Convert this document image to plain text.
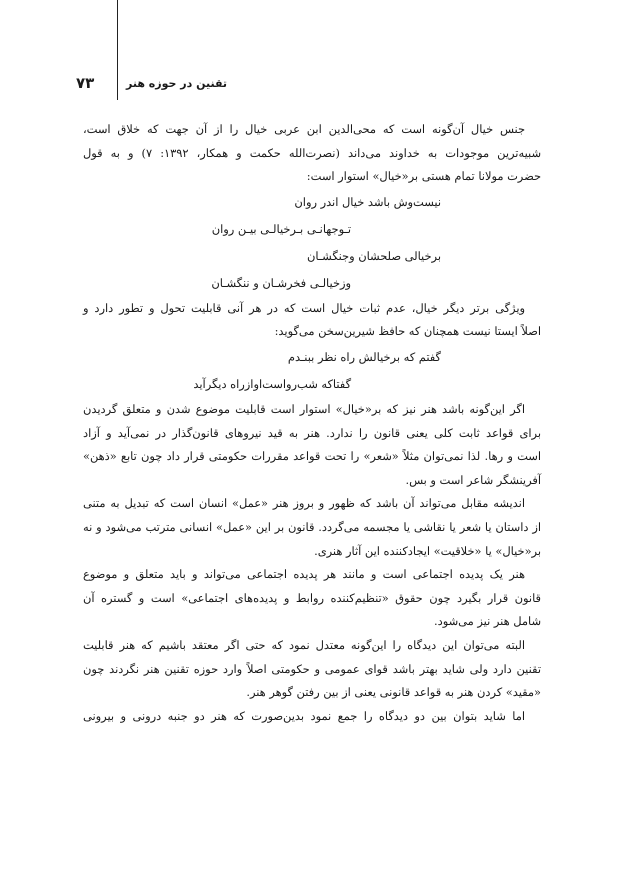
۷۳	تقنین در حوزه هنر
جنس خیال آن‌گونه است که محی‌الدین ابن عربی خیال را از آن جهت که خلاق است،
شبیه‌ترین موجودات به خداوند می‌داند (نصرت‌الله حکمت و همکار، ۱۳۹۲: ۷) و به قول
حضرت مولانا تمام هستی بر«خیال» استوار است:
نیست‌وش باشد خیال اندر روان
تـوجهانـی بـرخیالـی بیـن روان
برخیالی صلحشان وجنگشـان
وزخیالـی فخرشـان و ننگشـان
ویژگی برتر دیگر خیال، عدم ثبات خیال است که در هر آنی قابلیت تحول و تطور دارد و
اصلاً ایستا نیست همچنان که حافظ شیرین‌سخن می‌گوید:
گفتم که برخیالش راه نظر ببنـدم
گفتاکه شب‌رواست‌او‌ازراه دیگرآید
اگر این‌گونه باشد هنر نیز که بر«خیال» استوار است قابلیت موضوع شدن و متعلق گردیدن
برای قواعد ثابت کلی یعنی قانون را ندارد. هنر به قید نیروهای قانون‌گذار در نمی‌آید و آزاد
است و رها. لذا نمی‌توان مثلاً «شعر» را تحت قواعد مقررات حکومتی قرار داد چون تابع «ذهن»
آفرینشگر شاعر است و بس.
اندیشه مقابل می‌تواند آن باشد که ظهور و بروز هنر «عمل» انسان است که تبدیل به متنی
از داستان یا شعر یا نقاشی یا مجسمه می‌گردد. قانون بر این «عمل» انسانی مترتب می‌شود و نه
بر«خیال» یا «خلاقیت» ایجادکننده این آثار هنری.
هنر یک پدیده اجتماعی است و مانند هر پدیده اجتماعی می‌تواند و باید متعلق و موضوع
قانون قرار بگیرد چون حقوق «تنظیم‌کننده روابط و پدیده‌های اجتماعی» است و گستره آن
شامل هنر نیز می‌شود.
البته می‌توان این دیدگاه را این‌گونه معتدل نمود که حتی اگر معتقد باشیم که هنر قابلیت
تقنین دارد ولی شاید بهتر باشد قوای عمومی و حکومتی اصلاً وارد حوزه تقنین هنر نگردند چون
«مقید» کردن هنر به قواعد قانونی یعنی از بین رفتن گوهر هنر.
اما شاید بتوان بین دو دیدگاه را جمع نمود بدین‌صورت که هنر دو جنبه درونی و بیرونی
